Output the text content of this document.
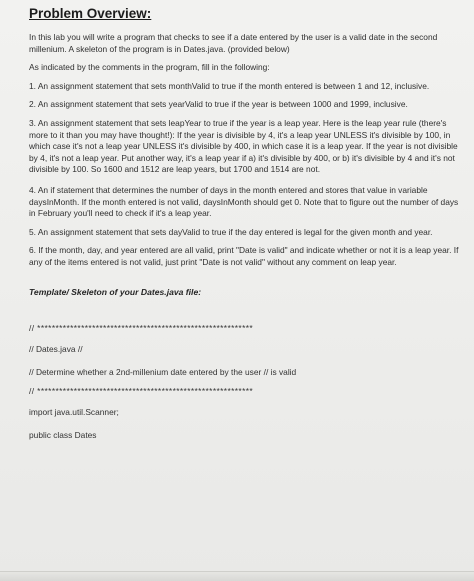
Problem Overview:

In this lab you will write a program that checks to see if a date entered by the user is a valid date in the second millenium. A skeleton of the program is in Dates.java. (provided below)

As indicated by the comments in the program, fill in the following:

1. An assignment statement that sets monthValid to true if the month entered is between 1 and 12, inclusive.

2. An assignment statement that sets yearValid to true if the year is between 1000 and 1999, inclusive.

3. An assignment statement that sets leapYear to true if the year is a leap year. Here is the leap year rule (there's more to it than you may have thought!): If the year is divisible by 4, it's a leap year UNLESS it's divisible by 100, in which case it's not a leap year UNLESS it's divisible by 400, in which case it is a leap year. If the year is not divisible by 4, it's not a leap year. Put another way, it's a leap year if a) it's divisible by 400, or b) it's divisible by 4 and it's not divisible by 100. So 1600 and 1512 are leap years, but 1700 and 1514 are not.

4. An if statement that determines the number of days in the month entered and stores that value in variable daysInMonth. If the month entered is not valid, daysInMonth should get 0. Note that to figure out the number of days in February you'll need to check if it's a leap year.

5. An assignment statement that sets dayValid to true if the day entered is legal for the given month and year.

6. If the month, day, and year entered are all valid, print "Date is valid" and indicate whether or not it is a leap year. If any of the items entered is not valid, just print "Date is not valid" without any comment on leap year.

Template/ Skeleton of your Dates.java file:
// ***********************************************************
// Dates.java //
// Determine whether a 2nd-millenium date entered by the user // is valid
// ***********************************************************
import java.util.Scanner;
public class Dates
